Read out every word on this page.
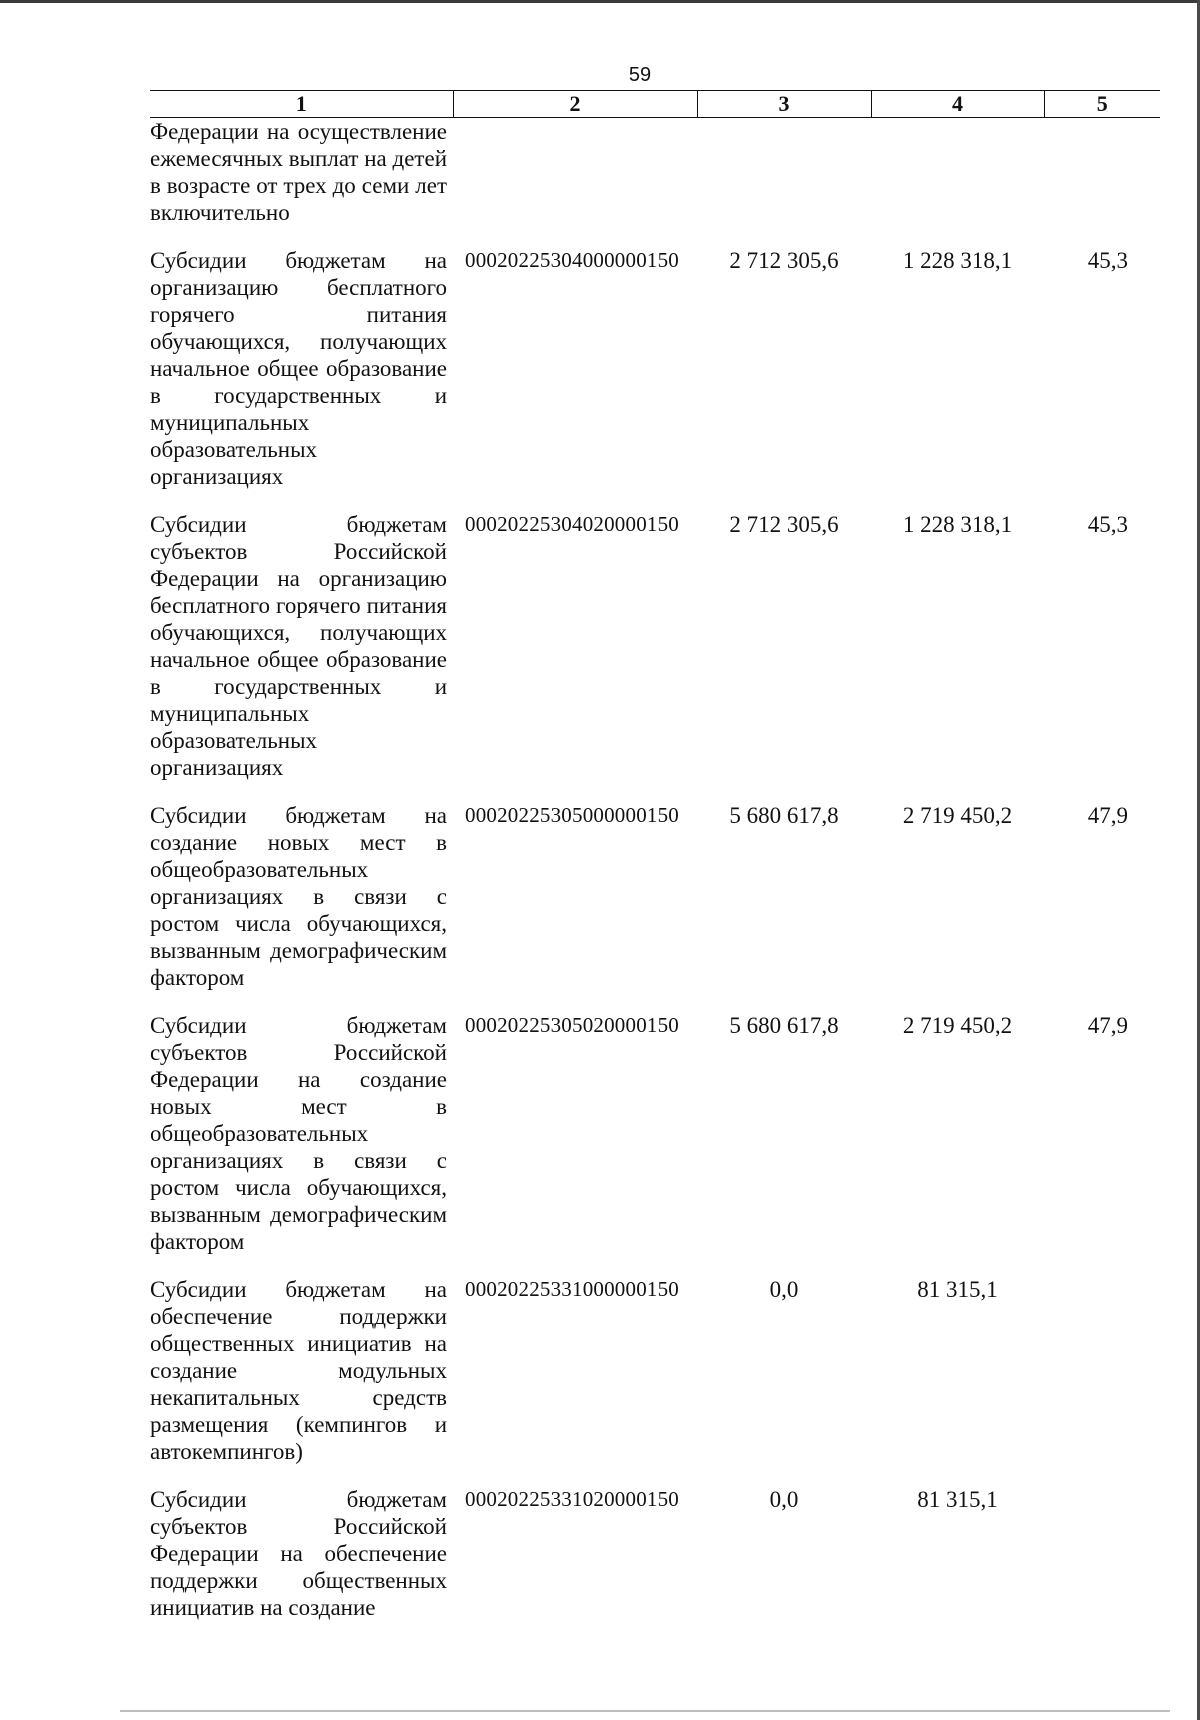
59
1	2	3	4	5
Федерации на осуществление ежемесячных выплат на детей в возрасте от трех до семи лет включительно				
Субсидии бюджетам на организацию бесплатного горячего питания обучающихся, получающих начальное общее образование в государственных и муниципальных образовательных организациях	00020225304000000150	2 712 305,6	1 228 318,1	45,3
Субсидии бюджетам субъектов Российской Федерации на организацию бесплатного горячего питания обучающихся, получающих начальное общее образование в государственных и муниципальных образовательных организациях	00020225304020000150	2 712 305,6	1 228 318,1	45,3
Субсидии бюджетам на создание новых мест в общеобразовательных организациях в связи с ростом числа обучающихся, вызванным демографическим фактором	00020225305000000150	5 680 617,8	2 719 450,2	47,9
Субсидии бюджетам субъектов Российской Федерации на создание новых мест в общеобразовательных организациях в связи с ростом числа обучающихся, вызванным демографическим фактором	00020225305020000150	5 680 617,8	2 719 450,2	47,9
Субсидии бюджетам на обеспечение поддержки общественных инициатив на создание модульных некапитальных средств размещения (кемпингов и автокемпингов)	00020225331000000150	0,0	81 315,1	
Субсидии бюджетам субъектов Российской Федерации на обеспечение поддержки общественных инициатив на создание	00020225331020000150	0,0	81 315,1	
